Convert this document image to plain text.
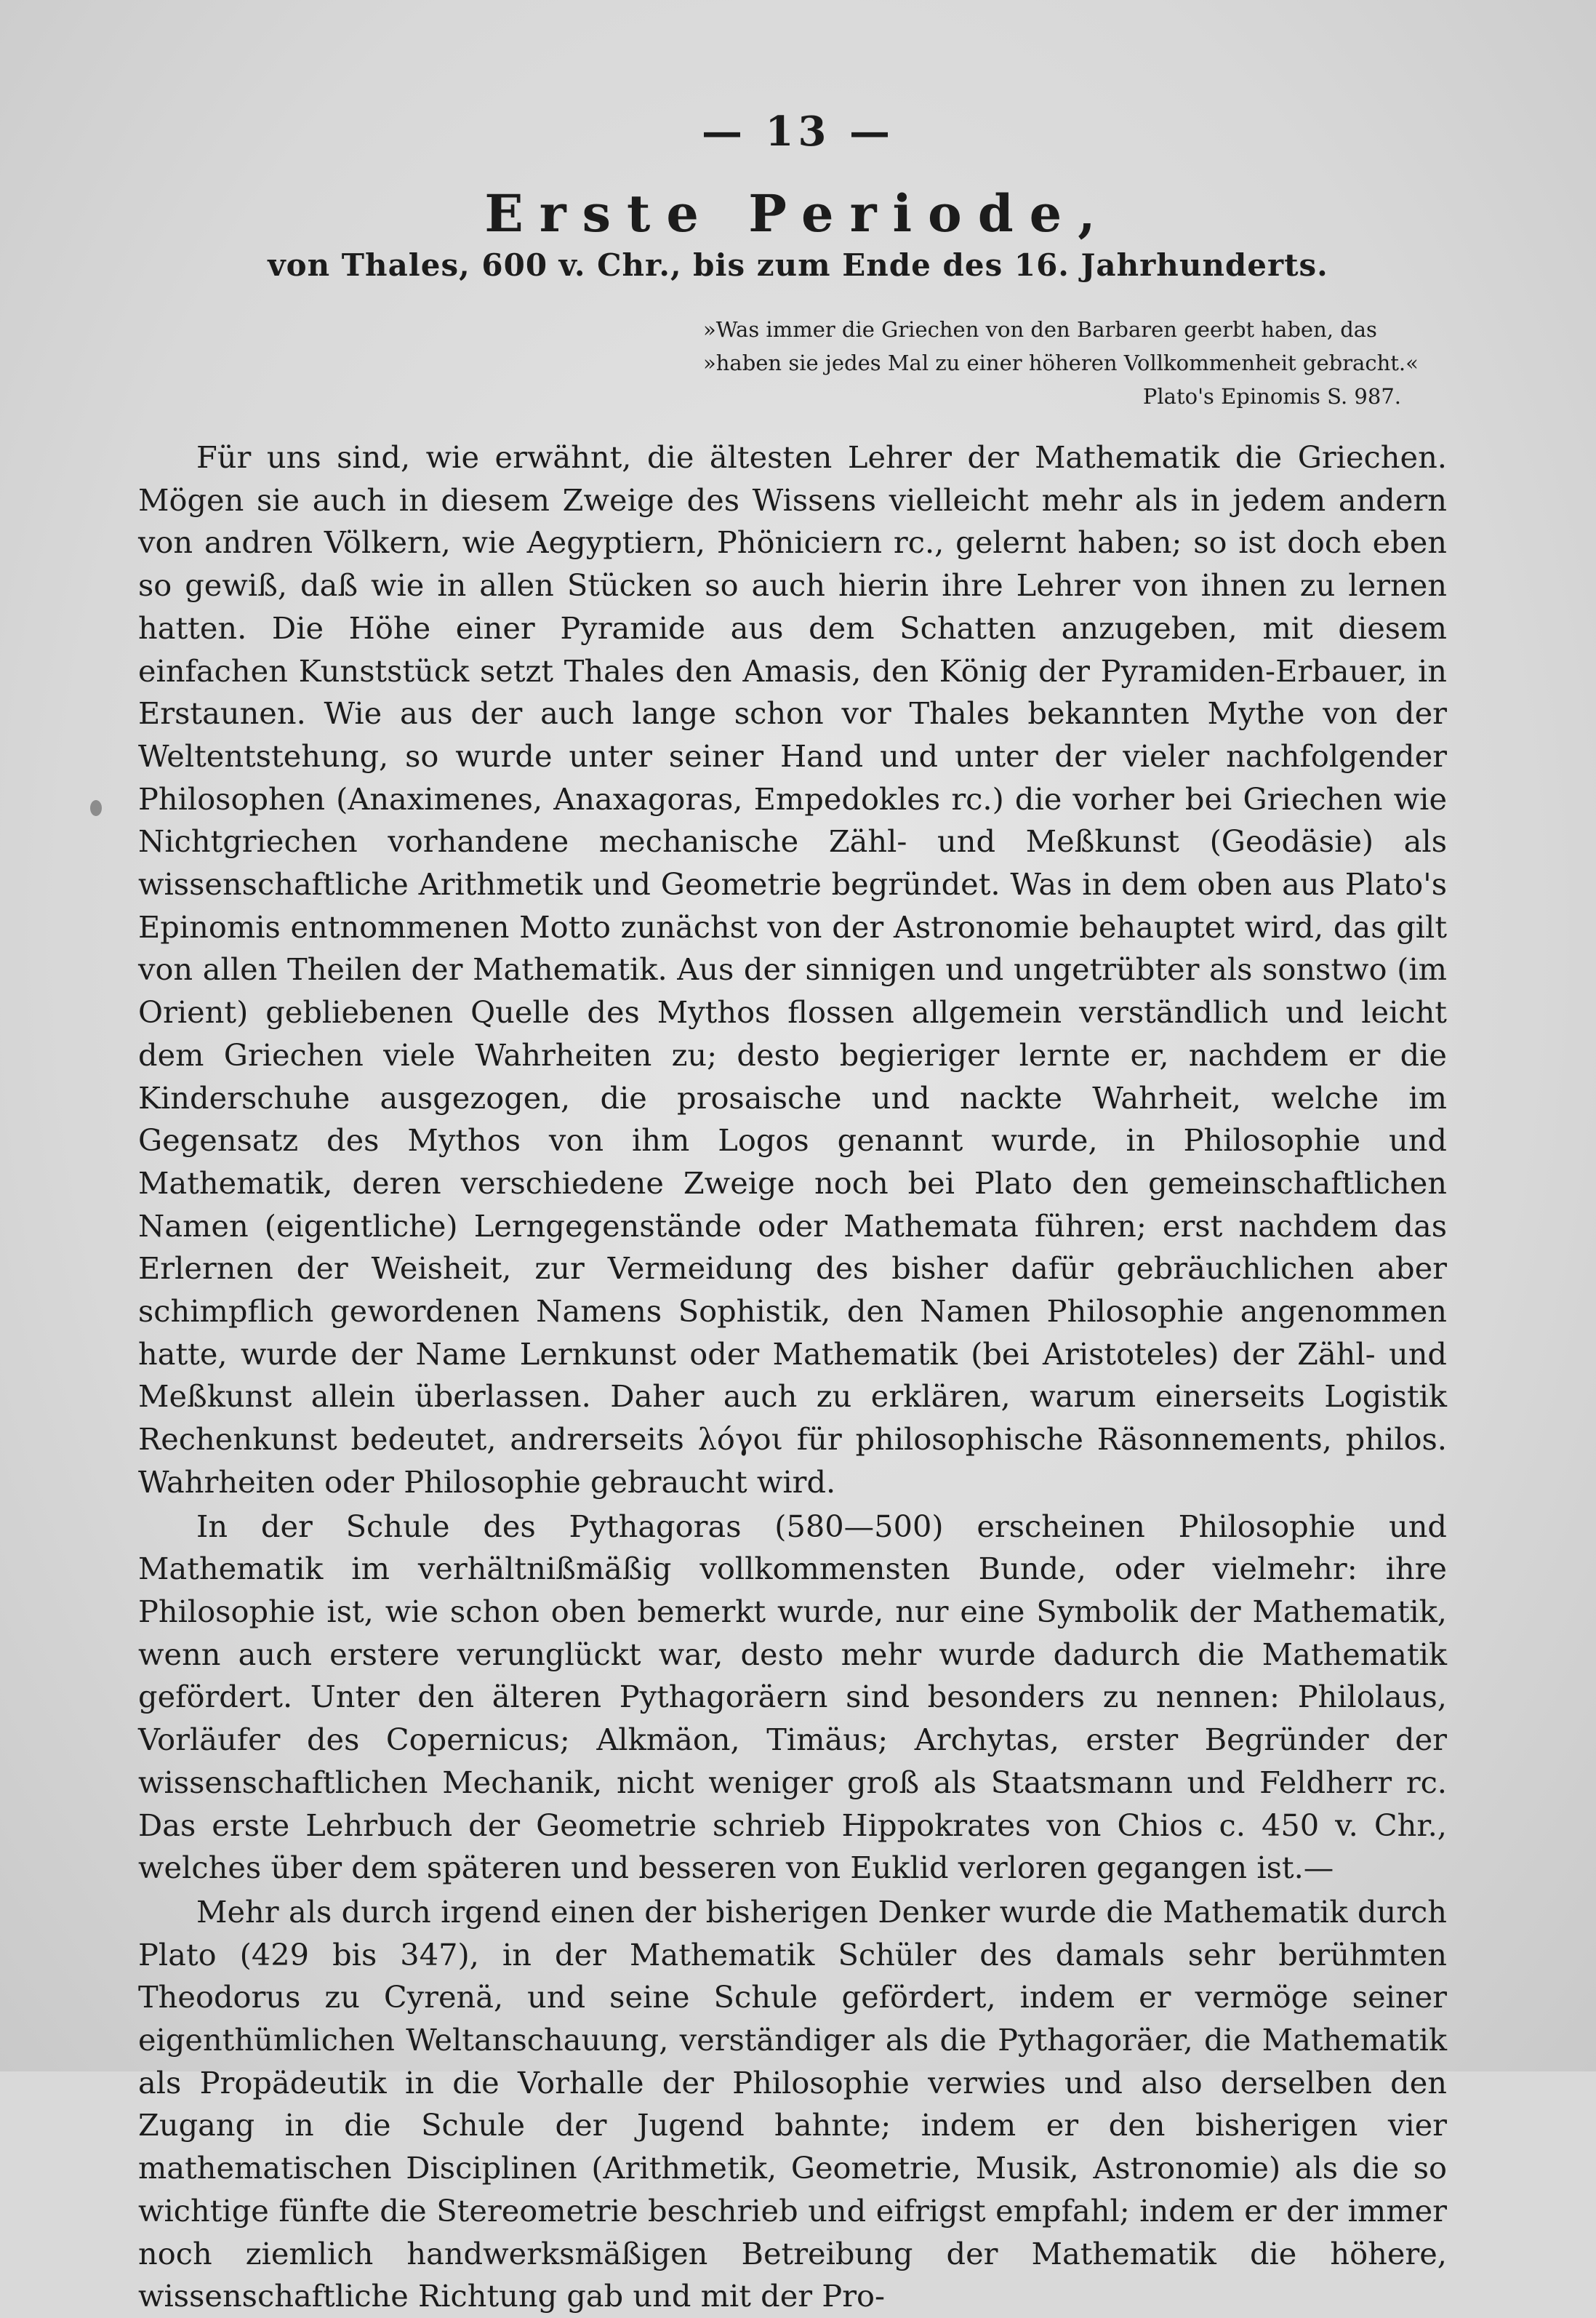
— 13 —
Erste Periode,
von Thales, 600 v. Chr., bis zum Ende des 16. Jahrhunderts.
»Was immer die Griechen von den Barbaren geerbt haben, das
»haben sie jedes Mal zu einer höheren Vollkommenheit gebracht.«
Plato's Epinomis S. 987.

Für uns sind, wie erwähnt, die ältesten Lehrer der Mathematik die Griechen. Mögen sie auch in diesem Zweige des Wissens vielleicht mehr als in jedem andern von andren Völkern, wie Aegyptiern, Phöniciern rc., gelernt haben; so ist doch eben so gewiß, daß wie in allen Stücken so auch hierin ihre Lehrer von ihnen zu lernen hatten. Die Höhe einer Pyramide aus dem Schatten anzugeben, mit diesem einfachen Kunststück setzt Thales den Amasis, den König der Pyramiden-Erbauer, in Erstaunen. Wie aus der auch lange schon vor Thales bekannten Mythe von der Weltentstehung, so wurde unter seiner Hand und unter der vieler nachfolgender Philosophen (Anaximenes, Anaxagoras, Empedokles rc.) die vorher bei Griechen wie Nichtgriechen vorhandene mechanische Zähl- und Meßkunst (Geodäsie) als wissenschaftliche Arithmetik und Geometrie begründet. Was in dem oben aus Plato's Epinomis entnommenen Motto zunächst von der Astronomie behauptet wird, das gilt von allen Theilen der Mathematik. Aus der sinnigen und ungetrübter als sonstwo (im Orient) gebliebenen Quelle des Mythos flossen allgemein verständlich und leicht dem Griechen viele Wahrheiten zu; desto begieriger lernte er, nachdem er die Kinderschuhe ausgezogen, die prosaische und nackte Wahrheit, welche im Gegensatz des Mythos von ihm Logos genannt wurde, in Philosophie und Mathematik, deren verschiedene Zweige noch bei Plato den gemeinschaftlichen Namen (eigentliche) Lerngegenstände oder Mathemata führen; erst nachdem das Erlernen der Weisheit, zur Vermeidung des bisher dafür gebräuchlichen aber schimpflich gewordenen Namens Sophistik, den Namen Philosophie angenommen hatte, wurde der Name Lernkunst oder Mathematik (bei Aristoteles) der Zähl- und Meßkunst allein überlassen. Daher auch zu erklären, warum einerseits Logistik Rechenkunst bedeutet, andrerseits λόγοι für philosophische Räsonnements, philos. Wahrheiten oder Philosophie gebraucht wird.

In der Schule des Pythagoras (580—500) erscheinen Philosophie und Mathematik im verhältnißmäßig vollkommensten Bunde, oder vielmehr: ihre Philosophie ist, wie schon oben bemerkt wurde, nur eine Symbolik der Mathematik, wenn auch erstere verunglückt war, desto mehr wurde dadurch die Mathematik gefördert. Unter den älteren Pythagoräern sind besonders zu nennen: Philolaus, Vorläufer des Copernicus; Alkmäon, Timäus; Archytas, erster Begründer der wissenschaftlichen Mechanik, nicht weniger groß als Staatsmann und Feldherr rc. Das erste Lehrbuch der Geometrie schrieb Hippokrates von Chios c. 450 v. Chr., welches über dem späteren und besseren von Euklid verloren gegangen ist.—

Mehr als durch irgend einen der bisherigen Denker wurde die Mathematik durch Plato (429 bis 347), in der Mathematik Schüler des damals sehr berühmten Theodorus zu Cyrenä, und seine Schule gefördert, indem er vermöge seiner eigenthümlichen Weltanschauung, verständiger als die Pythagoräer, die Mathematik als Propädeutik in die Vorhalle der Philosophie verwies und also derselben den Zugang in die Schule der Jugend bahnte; indem er den bisherigen vier mathematischen Disciplinen (Arithmetik, Geometrie, Musik, Astronomie) als die so wichtige fünfte die Stereometrie beschrieb und eifrigst empfahl; indem er der immer noch ziemlich handwerksmäßigen Betreibung der Mathematik die höhere, wissenschaftliche Richtung gab und mit der Pro-
